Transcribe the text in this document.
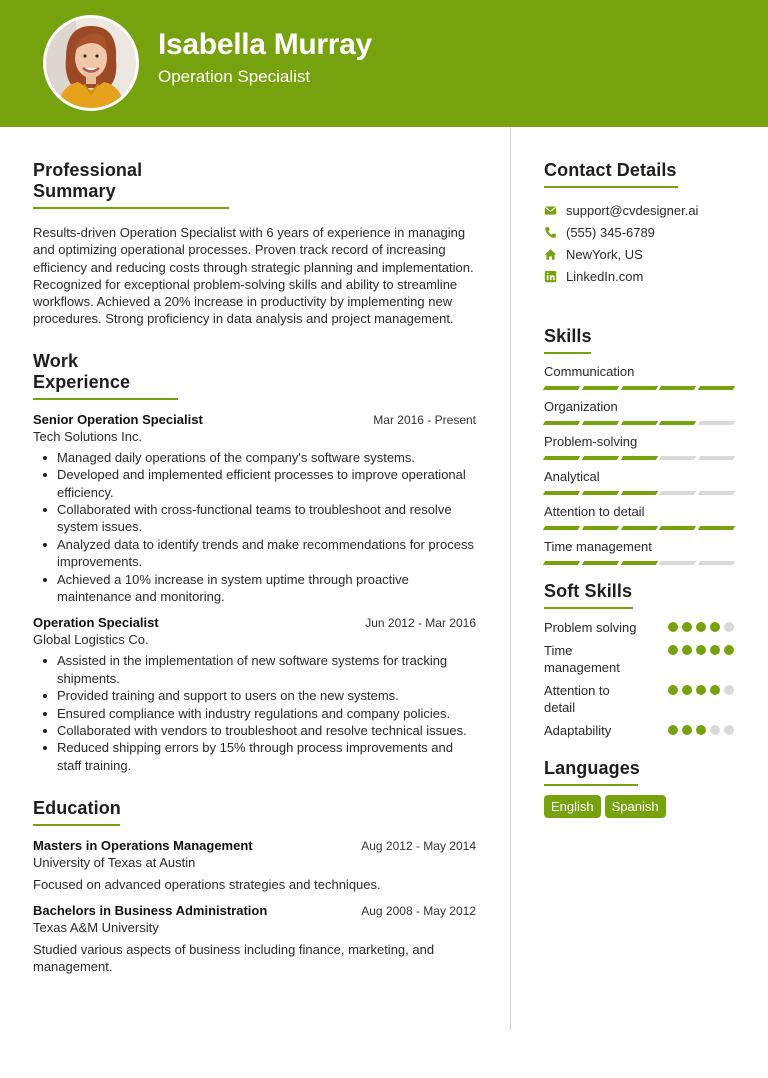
Isabella Murray
Operation Specialist
Professional Summary
Results-driven Operation Specialist with 6 years of experience in managing and optimizing operational processes. Proven track record of increasing efficiency and reducing costs through strategic planning and implementation. Recognized for exceptional problem-solving skills and ability to streamline workflows. Achieved a 20% increase in productivity by implementing new procedures. Strong proficiency in data analysis and project management.
Work Experience
Senior Operation Specialist	Mar 2016 - Present
Tech Solutions Inc.
Managed daily operations of the company's software systems.
Developed and implemented efficient processes to improve operational efficiency.
Collaborated with cross-functional teams to troubleshoot and resolve system issues.
Analyzed data to identify trends and make recommendations for process improvements.
Achieved a 10% increase in system uptime through proactive maintenance and monitoring.
Operation Specialist	Jun 2012 - Mar 2016
Global Logistics Co.
Assisted in the implementation of new software systems for tracking shipments.
Provided training and support to users on the new systems.
Ensured compliance with industry regulations and company policies.
Collaborated with vendors to troubleshoot and resolve technical issues.
Reduced shipping errors by 15% through process improvements and staff training.
Education
Masters in Operations Management	Aug 2012 - May 2014
University of Texas at Austin
Focused on advanced operations strategies and techniques.
Bachelors in Business Administration	Aug 2008 - May 2012
Texas A&M University
Studied various aspects of business including finance, marketing, and management.
Contact Details
support@cvdesigner.ai
(555) 345-6789
NewYork, US
LinkedIn.com
Skills
Communication
Organization
Problem-solving
Analytical
Attention to detail
Time management
Soft Skills
Problem solving
Time management
Attention to detail
Adaptability
Languages
English Spanish
